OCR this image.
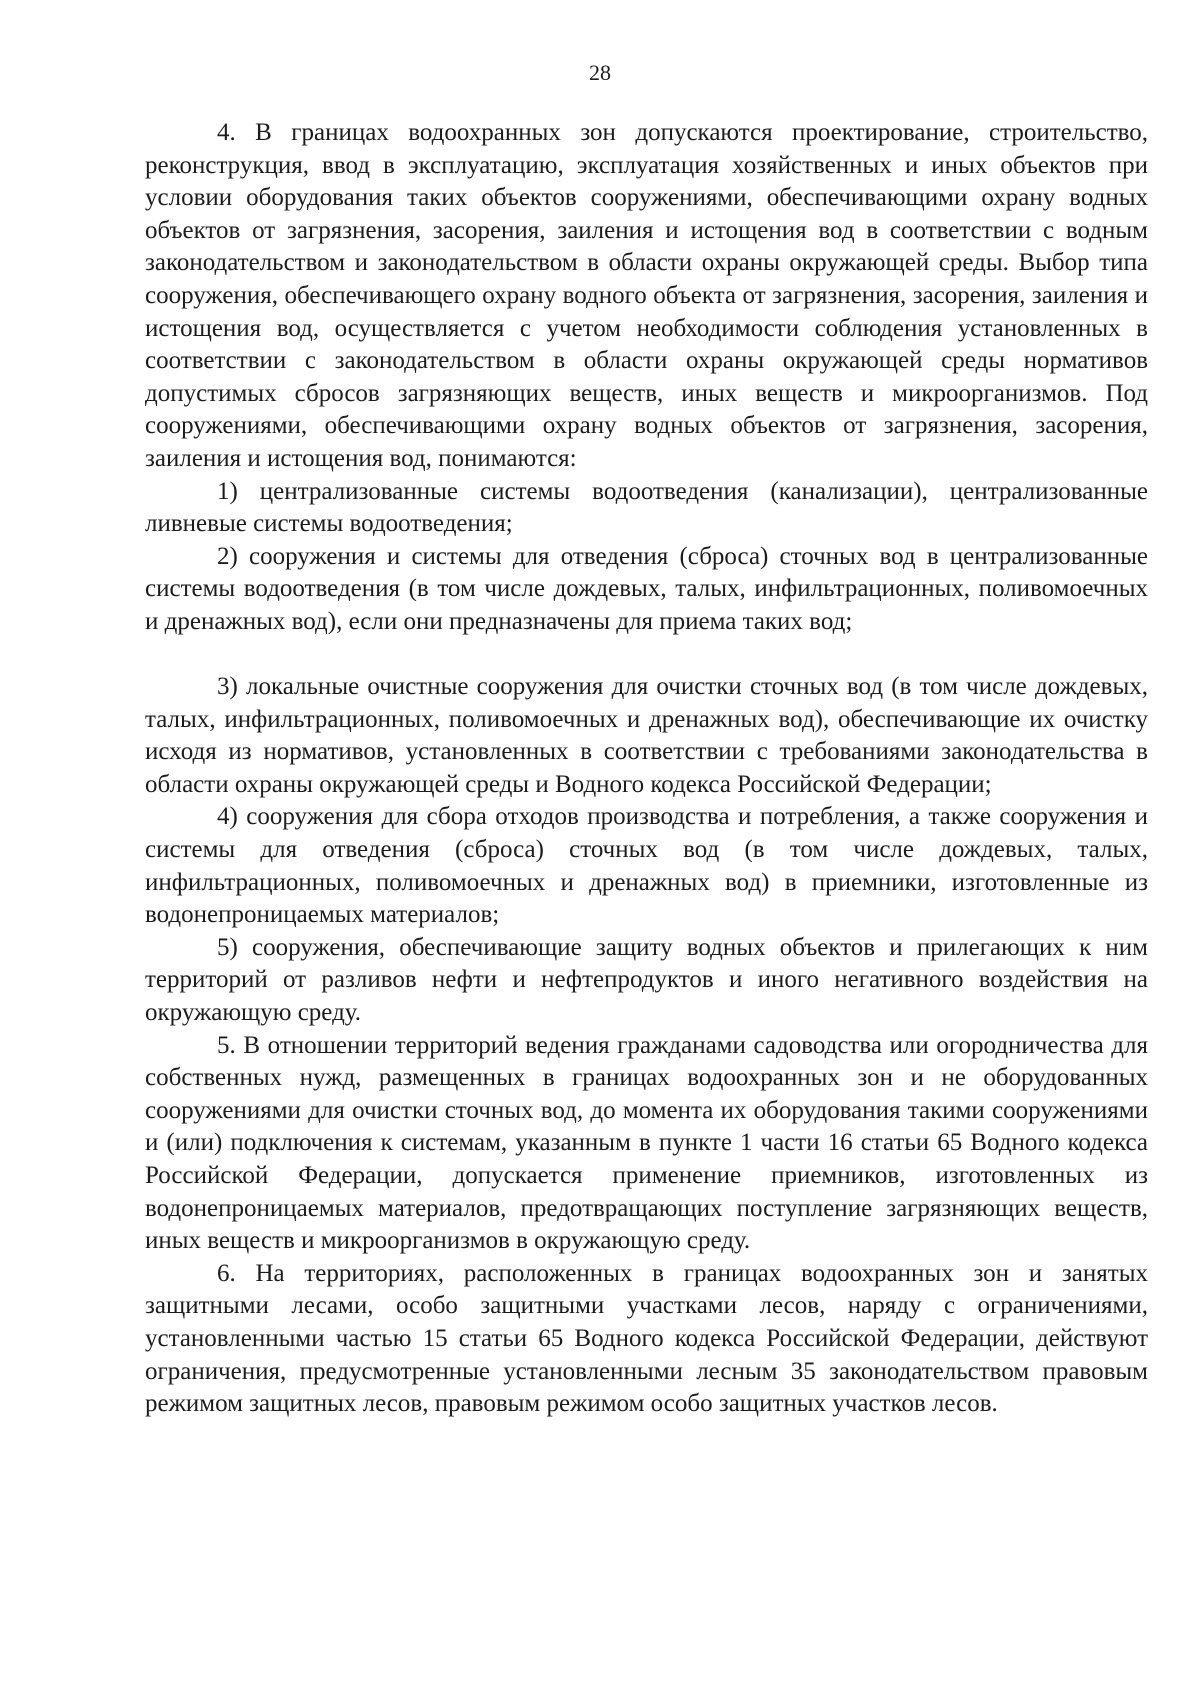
28

4. В границах водоохранных зон допускаются проектирование, строительство, реконструкция, ввод в эксплуатацию, эксплуатация хозяйственных и иных объектов при условии оборудования таких объектов сооружениями, обеспечивающими охрану водных объектов от загрязнения, засорения, заиления и истощения вод в соответствии с водным законодательством и законодательством в области охраны окружающей среды. Выбор типа сооружения, обеспечивающего охрану водного объекта от загрязнения, засорения, заиления и истощения вод, осуществляется с учетом необходимости соблюдения установленных в соответствии с законодательством в области охраны окружающей среды нормативов допустимых сбросов загрязняющих веществ, иных веществ и микроорганизмов. Под сооружениями, обеспечивающими охрану водных объектов от загрязнения, засорения, заиления и истощения вод, понимаются:

1) централизованные системы водоотведения (канализации), централизованные ливневые системы водоотведения;

2) сооружения и системы для отведения (сброса) сточных вод в централизованные системы водоотведения (в том числе дождевых, талых, инфильтрационных, поливомоечных и дренажных вод), если они предназначены для приема таких вод;

3) локальные очистные сооружения для очистки сточных вод (в том числе дождевых, талых, инфильтрационных, поливомоечных и дренажных вод), обеспечивающие их очистку исходя из нормативов, установленных в соответствии с требованиями законодательства в области охраны окружающей среды и Водного кодекса Российской Федерации;

4) сооружения для сбора отходов производства и потребления, а также сооружения и системы для отведения (сброса) сточных вод (в том числе дождевых, талых, инфильтрационных, поливомоечных и дренажных вод) в приемники, изготовленные из водонепроницаемых материалов;

5) сооружения, обеспечивающие защиту водных объектов и прилегающих к ним территорий от разливов нефти и нефтепродуктов и иного негативного воздействия на окружающую среду.

5. В отношении территорий ведения гражданами садоводства или огородничества для собственных нужд, размещенных в границах водоохранных зон и не оборудованных сооружениями для очистки сточных вод, до момента их оборудования такими сооружениями и (или) подключения к системам, указанным в пункте 1 части 16 статьи 65 Водного кодекса Российской Федерации, допускается применение приемников, изготовленных из водонепроницаемых материалов, предотвращающих поступление загрязняющих веществ, иных веществ и микроорганизмов в окружающую среду.

6. На территориях, расположенных в границах водоохранных зон и занятых защитными лесами, особо защитными участками лесов, наряду с ограничениями, установленными частью 15 статьи 65 Водного кодекса Российской Федерации, действуют ограничения, предусмотренные установленными лесным 35 законодательством правовым режимом защитных лесов, правовым режимом особо защитных участков лесов.
